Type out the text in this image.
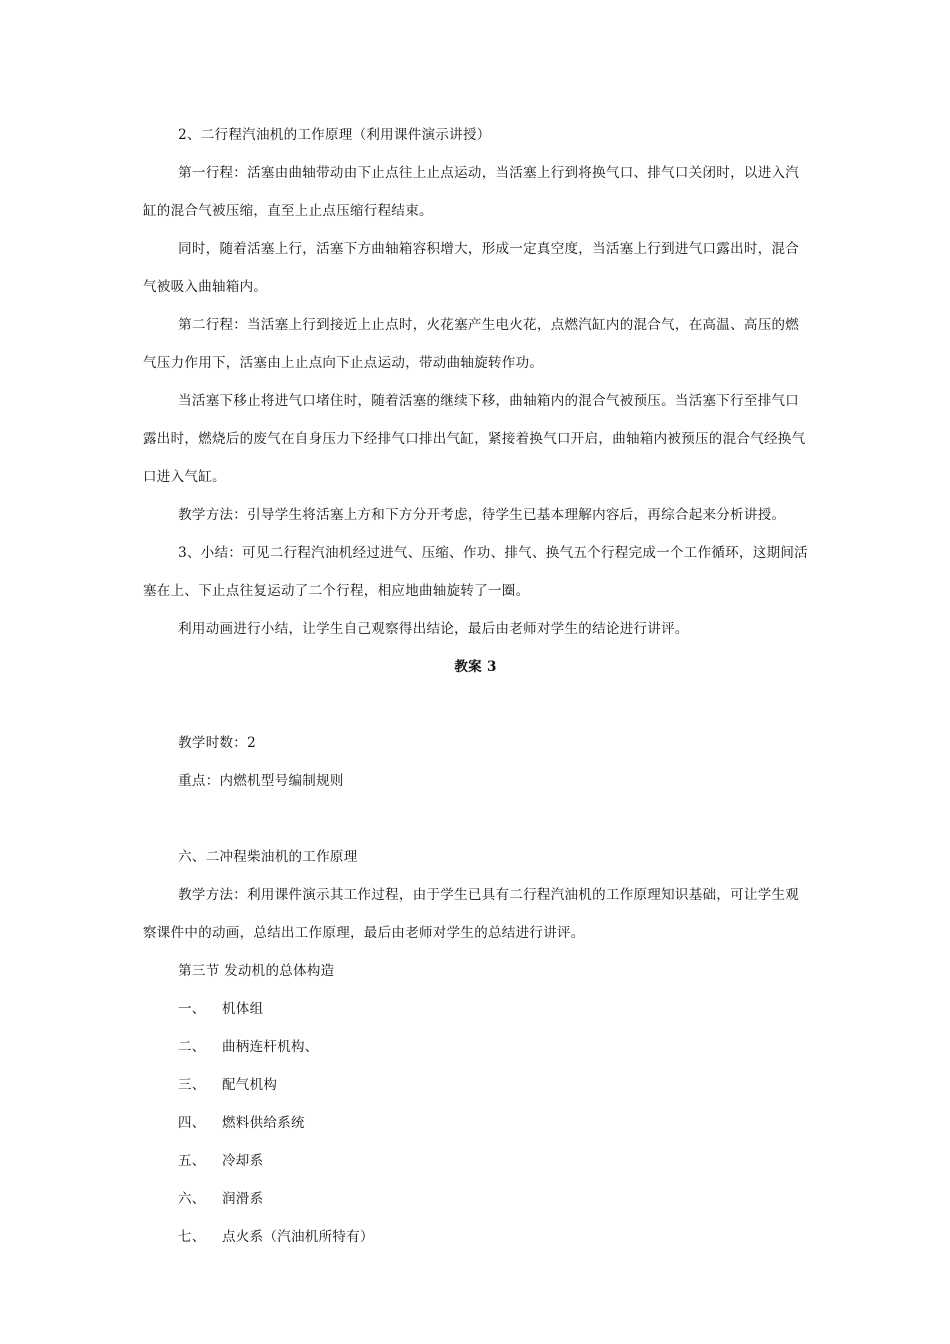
2、二行程汽油机的工作原理（利用课件演示讲授）

第一行程：活塞由曲轴带动由下止点往上止点运动，当活塞上行到将换气口、排气口关闭时，以进入汽缸的混合气被压缩，直至上止点压缩行程结束。

同时，随着活塞上行，活塞下方曲轴箱容积增大，形成一定真空度，当活塞上行到进气口露出时，混合气被吸入曲轴箱内。

第二行程：当活塞上行到接近上止点时，火花塞产生电火花，点燃汽缸内的混合气，在高温、高压的燃气压力作用下，活塞由上止点向下止点运动，带动曲轴旋转作功。

当活塞下移止将进气口堵住时，随着活塞的继续下移，曲轴箱内的混合气被预压。当活塞下行至排气口露出时，燃烧后的废气在自身压力下经排气口排出气缸，紧接着换气口开启，曲轴箱内被预压的混合气经换气口进入气缸。

教学方法：引导学生将活塞上方和下方分开考虑，待学生已基本理解内容后，再综合起来分析讲授。

3、小结：可见二行程汽油机经过进气、压缩、作功、排气、换气五个行程完成一个工作循环，这期间活塞在上、下止点往复运动了二个行程，相应地曲轴旋转了一圈。

利用动画进行小结，让学生自己观察得出结论，最后由老师对学生的结论进行讲评。

教案 3

教学时数：2

重点：内燃机型号编制规则

六、二冲程柴油机的工作原理

教学方法：利用课件演示其工作过程，由于学生已具有二行程汽油机的工作原理知识基础，可让学生观察课件中的动画，总结出工作原理，最后由老师对学生的总结进行讲评。

第三节 发动机的总体构造

一、 机体组

二、 曲柄连杆机构、

三、 配气机构

四、 燃料供给系统

五、 冷却系

六、 润滑系

七、 点火系（汽油机所特有）
